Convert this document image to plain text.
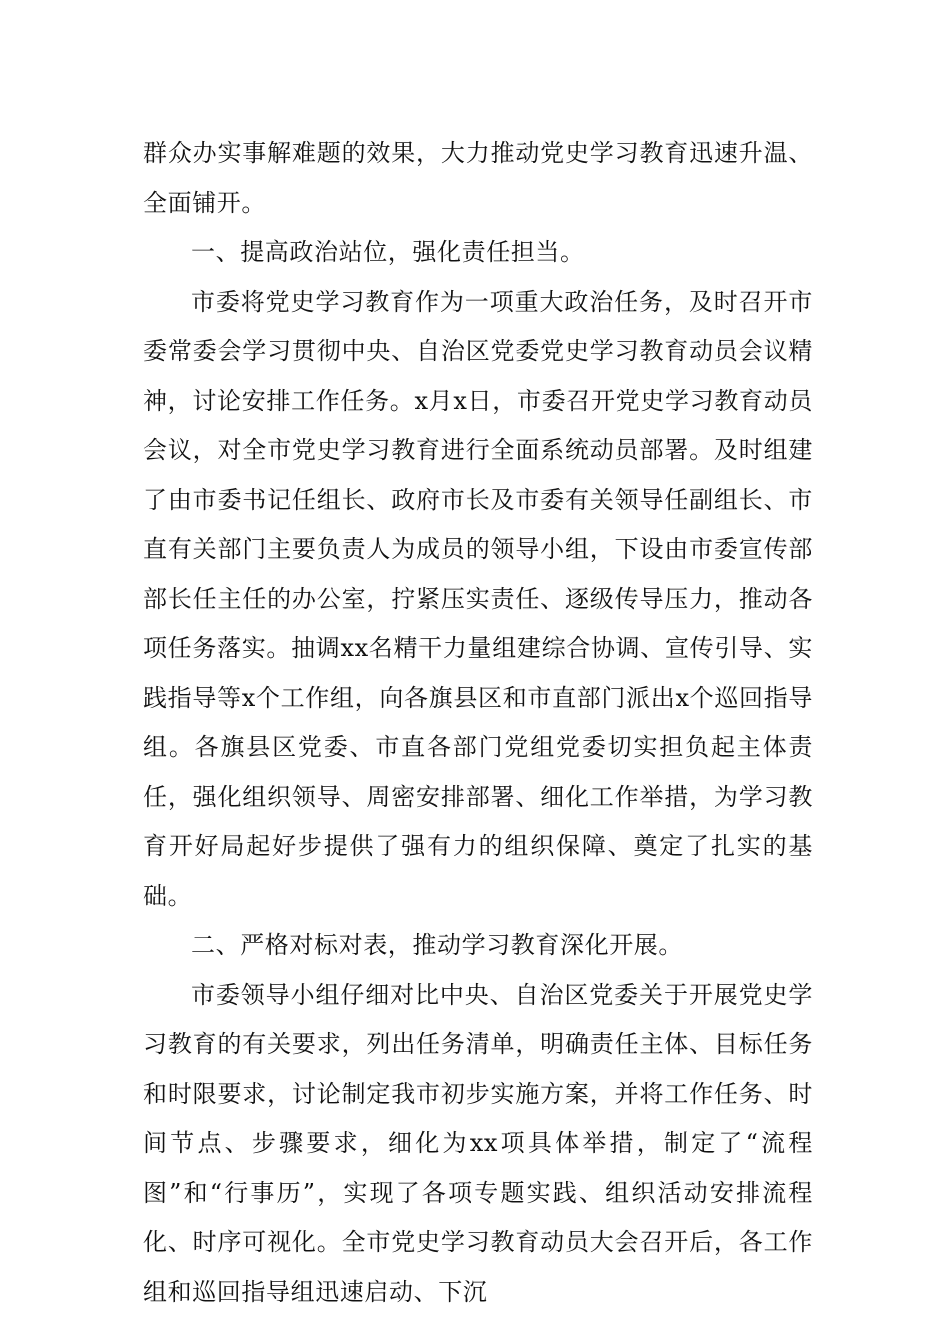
群众办实事解难题的效果，大力推动党史学习教育迅速升温、全面铺开。

一、提高政治站位，强化责任担当。

市委将党史学习教育作为一项重大政治任务，及时召开市委常委会学习贯彻中央、自治区党委党史学习教育动员会议精神，讨论安排工作任务。x月x日，市委召开党史学习教育动员会议，对全市党史学习教育进行全面系统动员部署。及时组建了由市委书记任组长、政府市长及市委有关领导任副组长、市直有关部门主要负责人为成员的领导小组，下设由市委宣传部部长任主任的办公室，拧紧压实责任、逐级传导压力，推动各项任务落实。抽调xx名精干力量组建综合协调、宣传引导、实践指导等x个工作组，向各旗县区和市直部门派出x个巡回指导组。各旗县区党委、市直各部门党组党委切实担负起主体责任，强化组织领导、周密安排部署、细化工作举措，为学习教育开好局起好步提供了强有力的组织保障、奠定了扎实的基础。

二、严格对标对表，推动学习教育深化开展。

市委领导小组仔细对比中央、自治区党委关于开展党史学习教育的有关要求，列出任务清单，明确责任主体、目标任务和时限要求，讨论制定我市初步实施方案，并将工作任务、时间节点、步骤要求，细化为xx项具体举措，制定了“流程图”和“行事历”，实现了各项专题实践、组织活动安排流程化、时序可视化。全市党史学习教育动员大会召开后，各工作组和巡回指导组迅速启动、下沉
